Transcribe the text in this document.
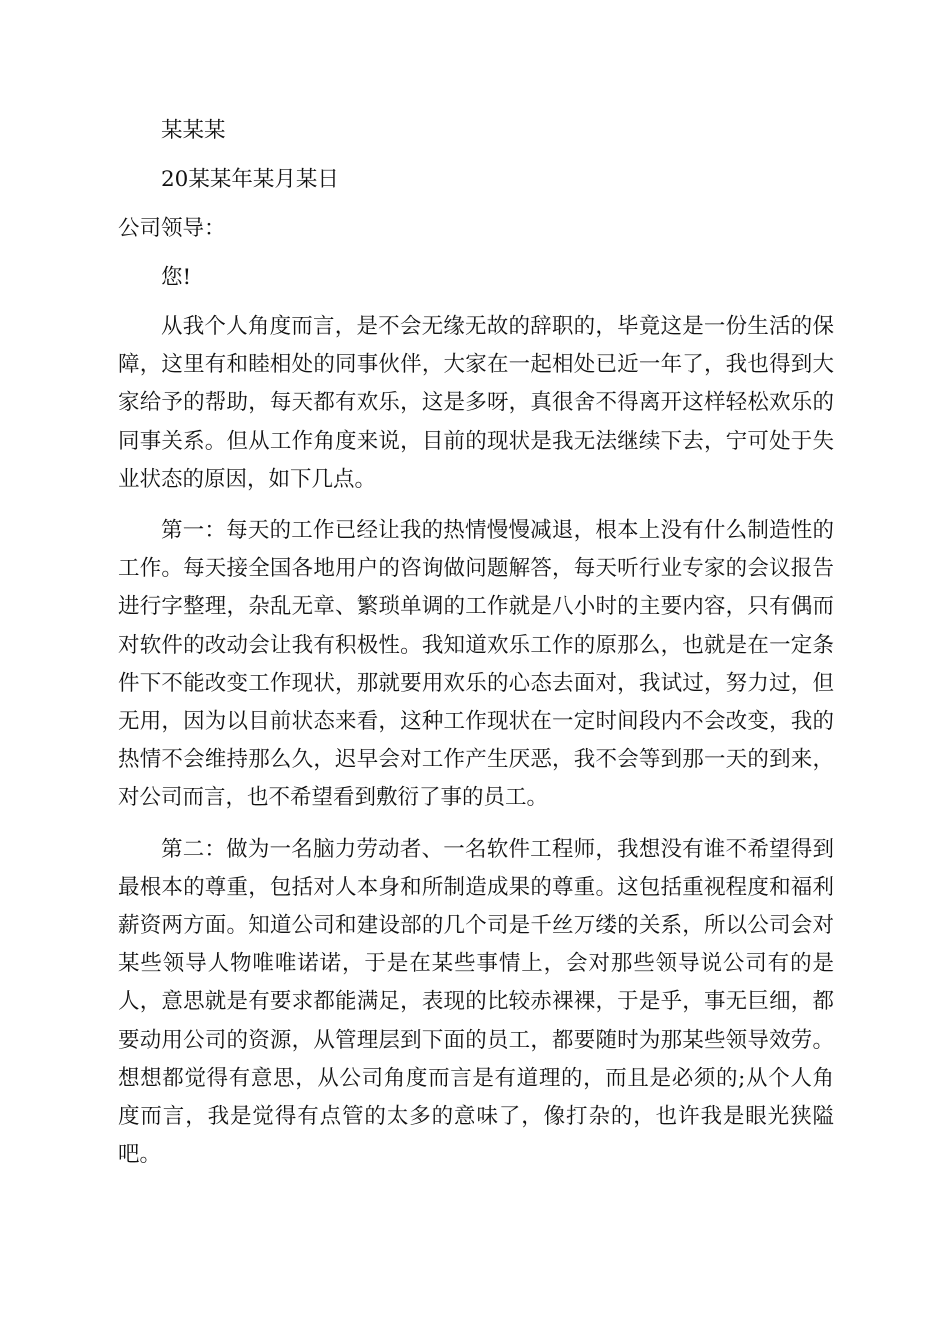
某某某

20某某年某月某日

公司领导：

您!

从我个人角度而言，是不会无缘无故的辞职的，毕竟这是一份生活的保障，这里有和睦相处的同事伙伴，大家在一起相处已近一年了，我也得到大家给予的帮助，每天都有欢乐，这是多呀，真很舍不得离开这样轻松欢乐的同事关系。但从工作角度来说，目前的现状是我无法继续下去，宁可处于失业状态的原因，如下几点。

第一：每天的工作已经让我的热情慢慢减退，根本上没有什么制造性的工作。每天接全国各地用户的咨询做问题解答，每天听行业专家的会议报告进行字整理，杂乱无章、繁琐单调的工作就是八小时的主要内容，只有偶而对软件的改动会让我有积极性。我知道欢乐工作的原那么，也就是在一定条件下不能改变工作现状，那就要用欢乐的心态去面对，我试过，努力过，但无用，因为以目前状态来看，这种工作现状在一定时间段内不会改变，我的热情不会维持那么久，迟早会对工作产生厌恶，我不会等到那一天的到来，对公司而言，也不希望看到敷衍了事的员工。

第二：做为一名脑力劳动者、一名软件工程师，我想没有谁不希望得到最根本的尊重，包括对人本身和所制造成果的尊重。这包括重视程度和福利薪资两方面。知道公司和建设部的几个司是千丝万缕的关系，所以公司会对某些领导人物唯唯诺诺，于是在某些事情上，会对那些领导说公司有的是人，意思就是有要求都能满足，表现的比较赤裸裸，于是乎，事无巨细，都要动用公司的资源，从管理层到下面的员工，都要随时为那某些领导效劳。想想都觉得有意思，从公司角度而言是有道理的，而且是必须的;从个人角度而言，我是觉得有点管的太多的意味了，像打杂的，也许我是眼光狭隘吧。
